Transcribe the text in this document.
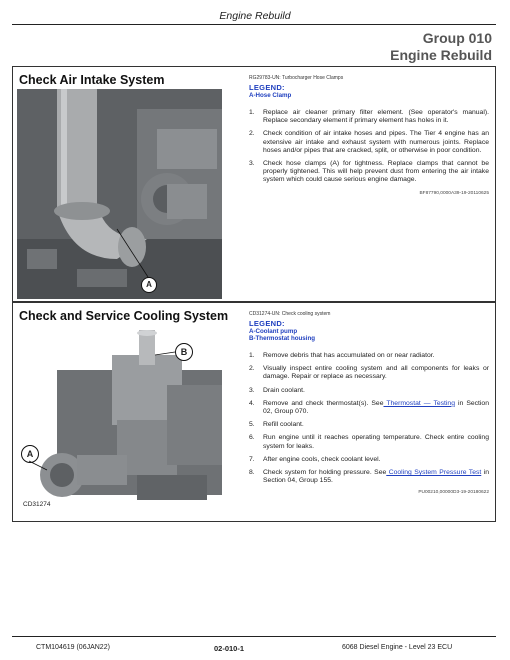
Engine Rebuild
Group 010
Engine Rebuild
Check Air Intake System
A
RG29783-UN: Turbocharger Hose Clamps
LEGEND:
A-Hose Clamp
1. Replace air cleaner primary filter element. (See operator's manual). Replace secondary element if primary element has holes in it.
2. Check condition of air intake hoses and pipes. The Tier 4 engine has an extensive air intake and exhaust system with numerous joints. Replace hoses and/or pipes that are cracked, split, or otherwise in poor condition.
3. Check hose clamps (A) for tightness. Replace clamps that cannot be properly tightened. This will help prevent dust from entering the air intake system which could cause serious engine damage.
BF87790,0000A39-19-20110625
Check and Service Cooling System
B
A
CD31274
CD31274-UN: Check cooling system
LEGEND:
A-Coolant pump
B-Thermostat housing
1. Remove debris that has accumulated on or near radiator.
2. Visually inspect entire cooling system and all components for leaks or damage. Repair or replace as necessary.
3. Drain coolant.
4. Remove and check thermostat(s). See Thermostat — Testing in Section 02, Group 070.
5. Refill coolant.
6. Run engine until it reaches operating temperature. Check entire cooling system for leaks.
7. After engine cools, check coolant level.
8. Check system for holding pressure. See Cooling System Pressure Test in Section 04, Group 155.
PU00210,00000D3-19-20180622
CTM104619 (06JAN22)	02-010-1	6068 Diesel Engine - Level 23 ECU
